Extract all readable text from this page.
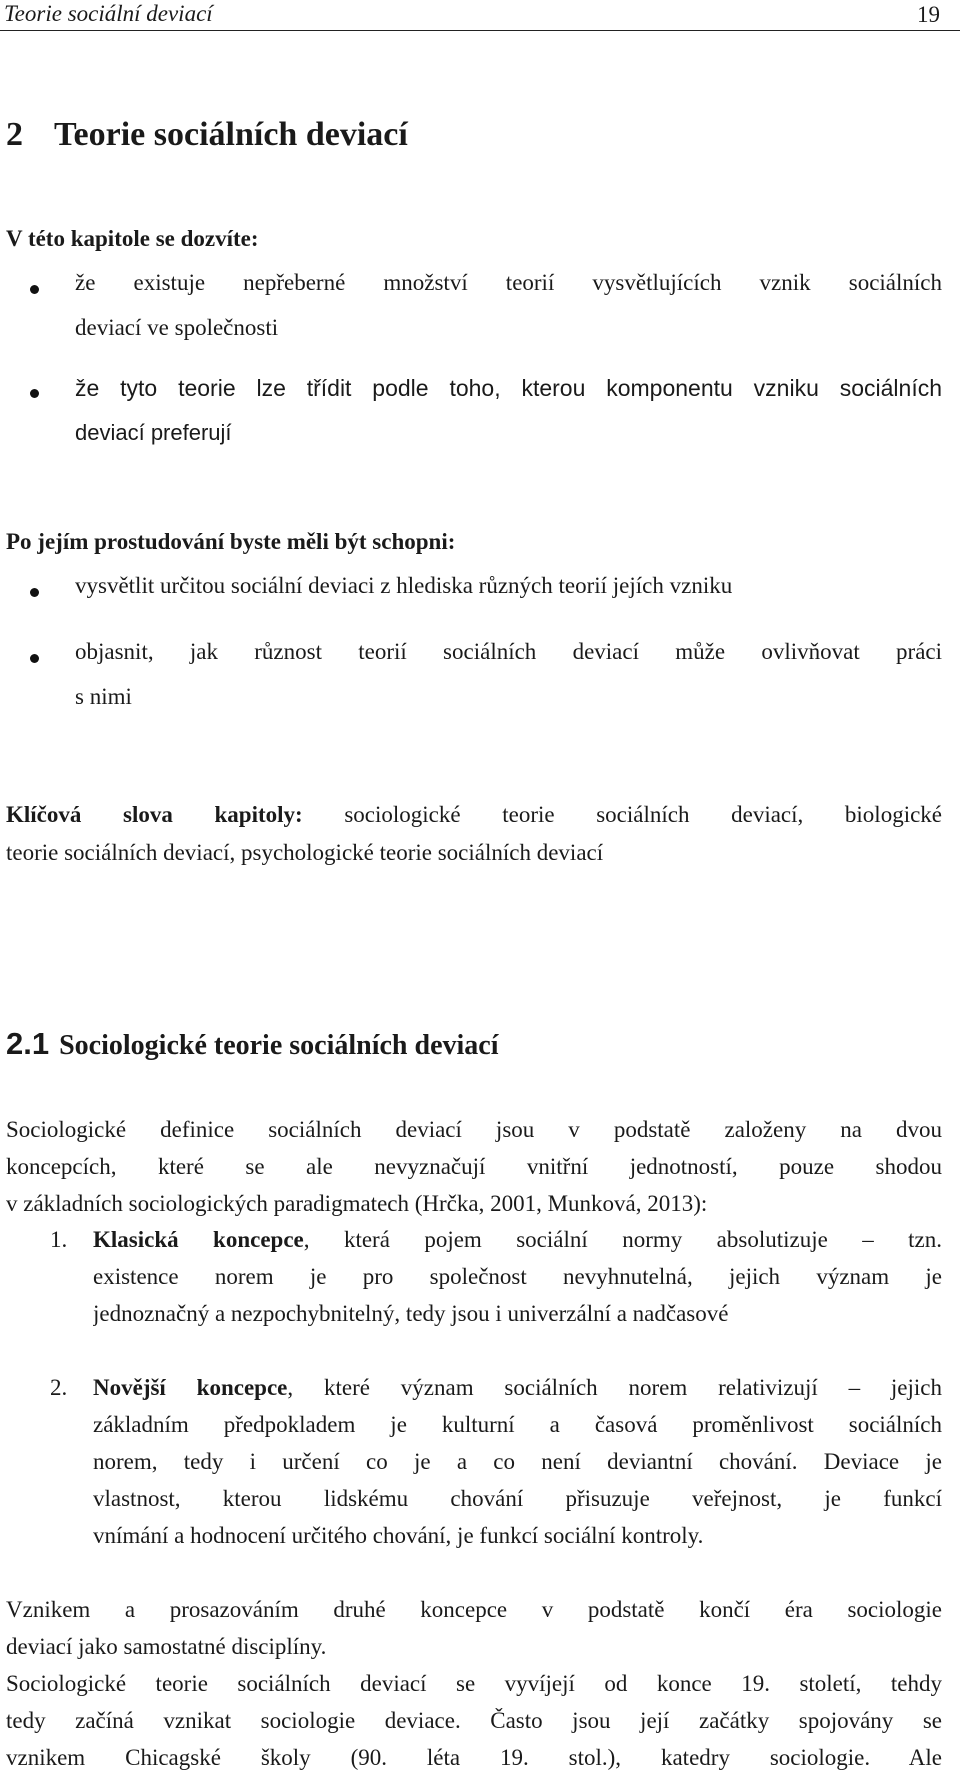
Teorie sociální deviací	19
2 Teorie sociálních deviací
V této kapitole se dozvíte:
že existuje nepřeberné množství teorií vysvětlujících vznik sociálních
deviací ve společnosti
že tyto teorie lze třídit podle toho, kterou komponentu vzniku sociálních
deviací preferují
Po jejím prostudování byste měli být schopni:
vysvětlit určitou sociální deviaci z hlediska různých teorií jejích vzniku
objasnit, jak různost teorií sociálních deviací může ovlivňovat práci
s nimi
Klíčová slova kapitoly: sociologické teorie sociálních deviací, biologické
teorie sociálních deviací, psychologické teorie sociálních deviací
2.1 Sociologické teorie sociálních deviací
Sociologické definice sociálních deviací jsou v podstatě založeny na dvou
koncepcích, které se ale nevyznačují vnitřní jednotností, pouze shodou
v základních sociologických paradigmatech (Hrčka, 2001, Munková, 2013):
1. Klasická koncepce, která pojem sociální normy absolutizuje – tzn.
existence norem je pro společnost nevyhnutelná, jejich význam je
jednoznačný a nezpochybnitelný, tedy jsou i univerzální a nadčasové
2. Novější koncepce, které význam sociálních norem relativizují – jejich
základním předpokladem je kulturní a časová proměnlivost sociálních
norem, tedy i určení co je a co není deviantní chování. Deviace je
vlastnost, kterou lidskému chování přisuzuje veřejnost, je funkcí
vnímání a hodnocení určitého chování, je funkcí sociální kontroly.
Vznikem a prosazováním druhé koncepce v podstatě končí éra sociologie
deviací jako samostatné disciplíny.
Sociologické teorie sociálních deviací se vyvíjejí od konce 19. století, tehdy
tedy začíná vznikat sociologie deviace. Často jsou její začátky spojovány se
vznikem Chicagské školy (90. léta 19. stol.), katedry sociologie. Ale
